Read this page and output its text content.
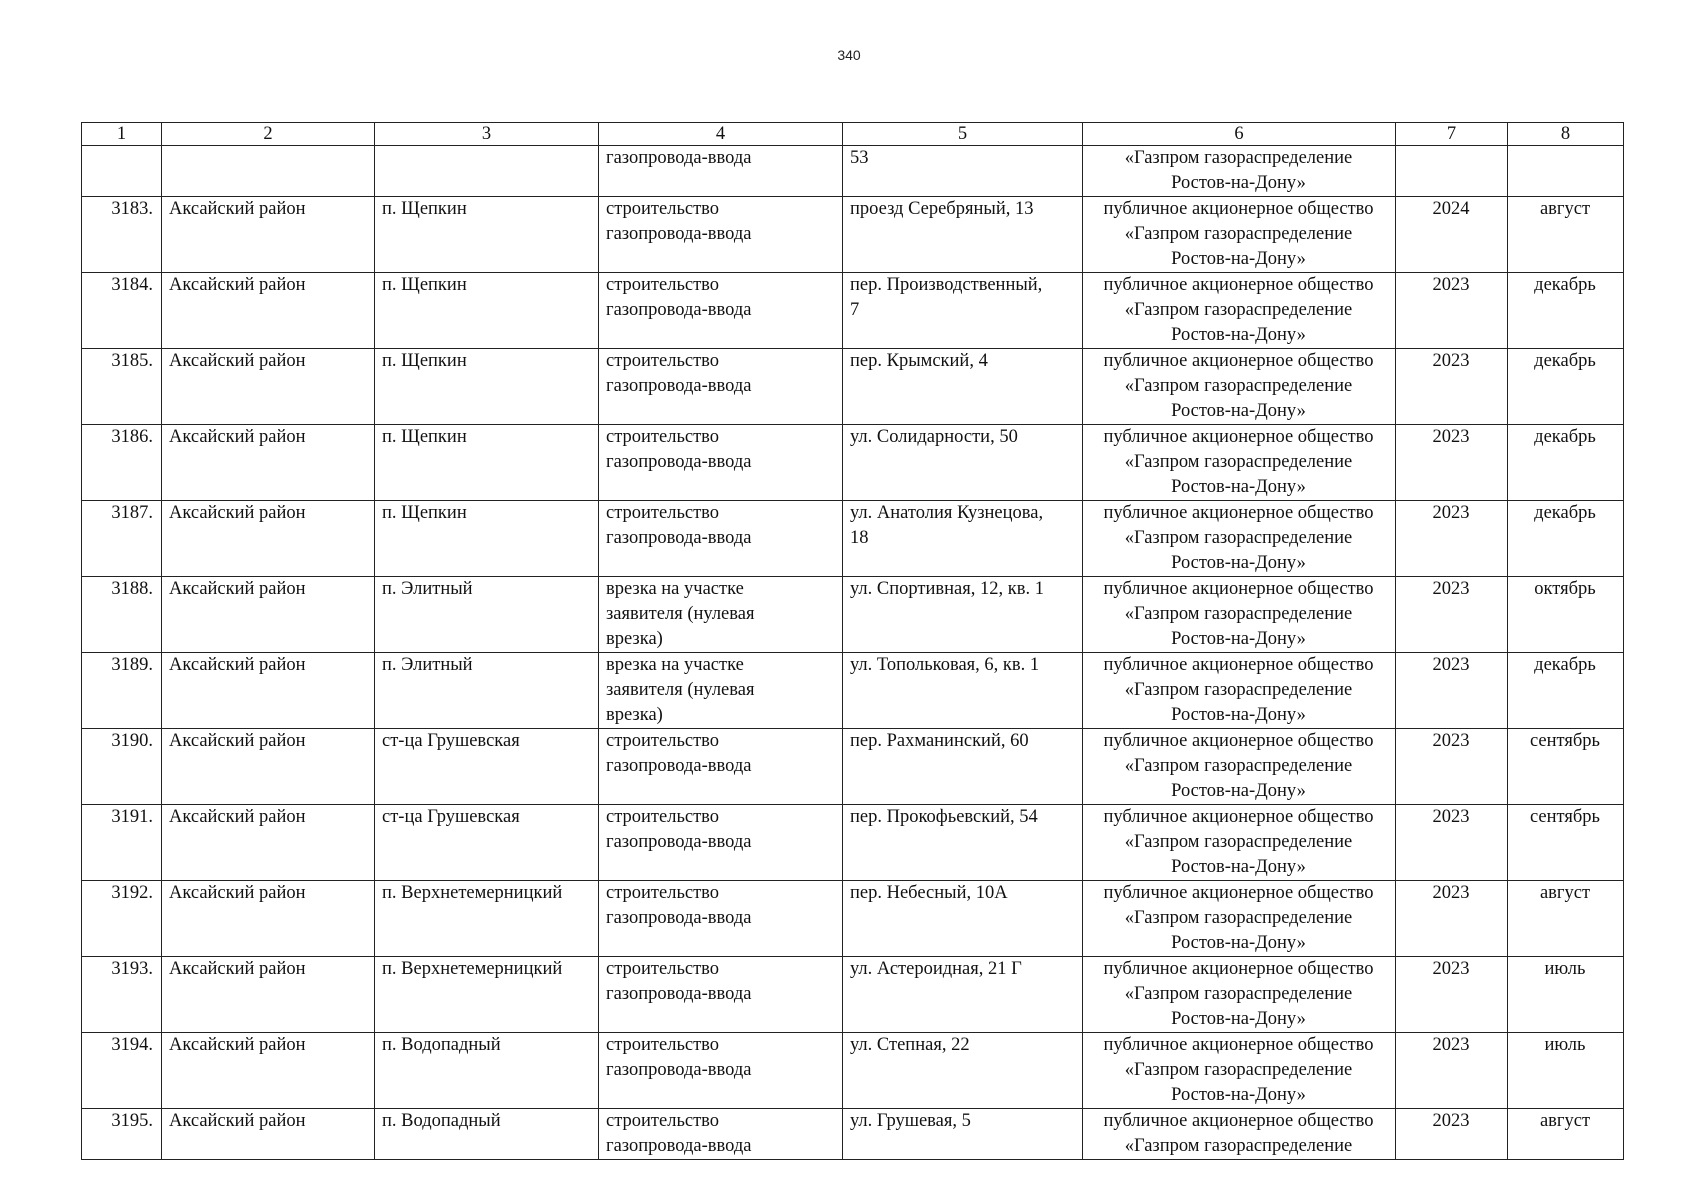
340
1	2	3	4	5	6	7	8
			газопровода-ввода	53	«Газпром газораспределение
Ростов-на-Дону»		
3183.	Аксайский район	п. Щепкин	строительство
газопровода-ввода	проезд Серебряный, 13	публичное акционерное общество
«Газпром газораспределение
Ростов-на-Дону»	2024	август
3184.	Аксайский район	п. Щепкин	строительство
газопровода-ввода	пер. Производственный,
7	публичное акционерное общество
«Газпром газораспределение
Ростов-на-Дону»	2023	декабрь
3185.	Аксайский район	п. Щепкин	строительство
газопровода-ввода	пер. Крымский, 4	публичное акционерное общество
«Газпром газораспределение
Ростов-на-Дону»	2023	декабрь
3186.	Аксайский район	п. Щепкин	строительство
газопровода-ввода	ул. Солидарности, 50	публичное акционерное общество
«Газпром газораспределение
Ростов-на-Дону»	2023	декабрь
3187.	Аксайский район	п. Щепкин	строительство
газопровода-ввода	ул. Анатолия Кузнецова,
18	публичное акционерное общество
«Газпром газораспределение
Ростов-на-Дону»	2023	декабрь
3188.	Аксайский район	п. Элитный	врезка на участке
заявителя (нулевая
врезка)	ул. Спортивная, 12, кв. 1	публичное акционерное общество
«Газпром газораспределение
Ростов-на-Дону»	2023	октябрь
3189.	Аксайский район	п. Элитный	врезка на участке
заявителя (нулевая
врезка)	ул. Топольковая, 6, кв. 1	публичное акционерное общество
«Газпром газораспределение
Ростов-на-Дону»	2023	декабрь
3190.	Аксайский район	ст-ца Грушевская	строительство
газопровода-ввода	пер. Рахманинский, 60	публичное акционерное общество
«Газпром газораспределение
Ростов-на-Дону»	2023	сентябрь
3191.	Аксайский район	ст-ца Грушевская	строительство
газопровода-ввода	пер. Прокофьевский, 54	публичное акционерное общество
«Газпром газораспределение
Ростов-на-Дону»	2023	сентябрь
3192.	Аксайский район	п. Верхнетемерницкий	строительство
газопровода-ввода	пер. Небесный, 10А	публичное акционерное общество
«Газпром газораспределение
Ростов-на-Дону»	2023	август
3193.	Аксайский район	п. Верхнетемерницкий	строительство
газопровода-ввода	ул. Астероидная, 21 Г	публичное акционерное общество
«Газпром газораспределение
Ростов-на-Дону»	2023	июль
3194.	Аксайский район	п. Водопадный	строительство
газопровода-ввода	ул. Степная, 22	публичное акционерное общество
«Газпром газораспределение
Ростов-на-Дону»	2023	июль
3195.	Аксайский район	п. Водопадный	строительство
газопровода-ввода	ул. Грушевая, 5	публичное акционерное общество
«Газпром газораспределение	2023	август
